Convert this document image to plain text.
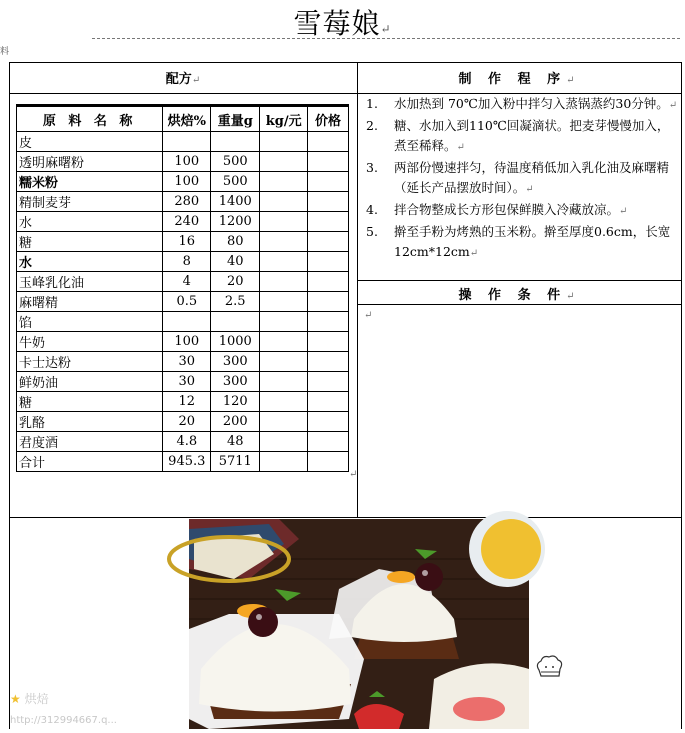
雪莓娘↵
料
配方↵	制 作 程 序↵
原 料 名 称	烘焙%	重量g	kg/元	价格
皮				
透明麻曙粉	100	500		
糯米粉	100	500		
精制麦芽	280	1400		
水	240	1200		
糖	16	80		
水	8	40		
玉峰乳化油	4	20		
麻曙精	0.5	2.5		
馅				
牛奶	100	1000		
卡士达粉	30	300		
鲜奶油	30	300		
糖	12	120		
乳酪	20	200		
君度酒	4.8	48		
合计	945.3	5711		
↵
1. 水加热到 70℃加入粉中拌匀入蒸锅蒸约30分钟。↵
2. 糖、水加入到110℃回凝滴状。把麦芽慢慢加入，煮至稀释。↵
3. 两部份慢速拌匀，待温度稍低加入乳化油及麻曙精（延长产品摆放时间）。↵
4. 拌合物整成长方形包保鲜膜入冷藏放凉。↵
5. 擀至手粉为烤熟的玉米粉。擀至厚度0.6cm，长宽12cm*12cm↵
操 作 条 件↵
↵
★ 烘焙
http://312994667.q...
